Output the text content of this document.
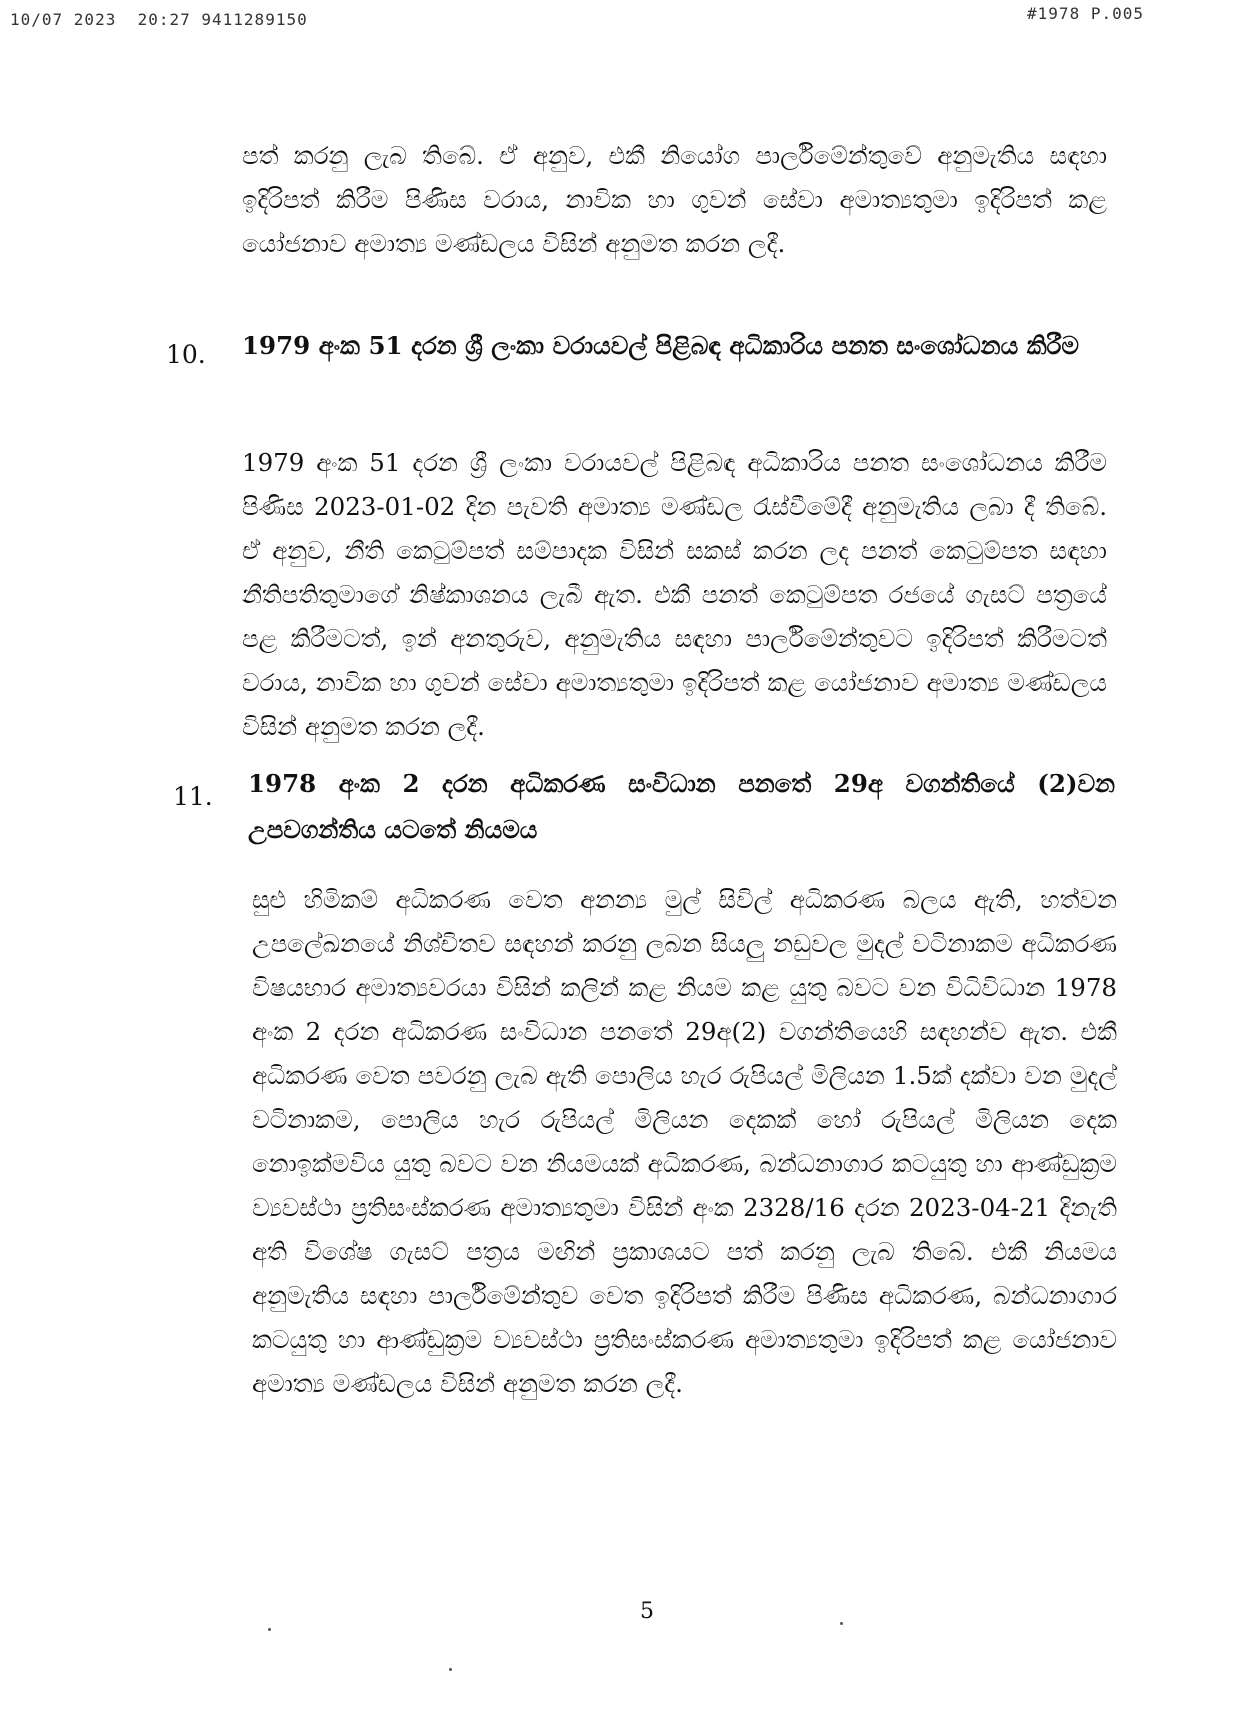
10/07 2023  20:27 9411289150	#1978 P.005

පත් කරනු ලැබ තිබේ. ඒ අනුව, එකී නියෝග පාර්ලිමේන්තුවේ අනුමැතිය සඳහා ඉදිරිපත් කිරීම පිණිස වරාය, නාවික හා ගුවන් සේවා අමාත්‍යතුමා ඉදිරිපත් කළ යෝජනාව අමාත්‍ය මණ්ඩලය විසින් අනුමත කරන ලදී.

10. 1979 අංක 51 දරන ශ්‍රී ලංකා වරායවල් පිළිබඳ අධිකාරිය පනත සංශෝධනය කිරීම

1979 අංක 51 දරන ශ්‍රී ලංකා වරායවල් පිළිබඳ අධිකාරිය පනත සංශෝධනය කිරීම පිණිස 2023-01-02 දින පැවති අමාත්‍ය මණ්ඩල රැස්වීමේදී අනුමැතිය ලබා දී තිබේ. ඒ අනුව, නීති කෙටුම්පත් සම්පාදක විසින් සකස් කරන ලද පනත් කෙටුම්පත සඳහා නීතිපතිතුමාගේ නිෂ්කාශනය ලැබී ඇත. එකී පනත් කෙටුම්පත රජයේ ගැසට් පත්‍රයේ පළ කිරීමටත්, ඉන් අනතුරුව, අනුමැතිය සඳහා පාර්ලිමේන්තුවට ඉදිරිපත් කිරීමටත් වරාය, නාවික හා ගුවන් සේවා අමාත්‍යතුමා ඉදිරිපත් කළ යෝජනාව අමාත්‍ය මණ්ඩලය විසින් අනුමත කරන ලදී.

11. 1978 අංක 2 දරන අධිකරණ සංවිධාන පනතේ 29අ වගන්තියේ (2)වන උපවගන්තිය යටතේ නියමය

සුළු හිමිකම් අධිකරණ වෙත අනන්‍ය මුල් සිවිල් අධිකරණ බලය ඇති, හත්වන උපලේඛනයේ නිශ්චිතව සඳහන් කරනු ලබන සියලු නඩුවල මුදල් වටිනාකම අධිකරණ විෂයභාර අමාත්‍යවරයා විසින් කලින් කළ නියම කළ යුතු බවට වන විධිවිධාන 1978 අංක 2 දරන අධිකරණ සංවිධාන පනතේ 29අ(2) වගන්තියෙහි සඳහන්ව ඇත. එකී අධිකරණ වෙත පවරනු ලැබ ඇති පොලිය හැර රුපියල් මිලියන 1.5ක් දක්වා වන මුදල් වටිනාකම, පොලිය හැර රුපියල් මිලියන දෙකක් හෝ රුපියල් මිලියන දෙක නොඉක්මවිය යුතු බවට වන නියමයක් අධිකරණ, බන්ධනාගාර කටයුතු හා ආණ්ඩුක්‍රම ව්‍යවස්ථා ප්‍රතිසංස්කරණ අමාත්‍යතුමා විසින් අංක 2328/16 දරන 2023-04-21 දිනැති අති විශේෂ ගැසට් පත්‍රය මඟින් ප්‍රකාශයට පත් කරනු ලැබ තිබේ. එකී නියමය අනුමැතිය සඳහා පාර්ලිමේන්තුව වෙත ඉදිරිපත් කිරීම පිණිස අධිකරණ, බන්ධනාගාර කටයුතු හා ආණ්ඩුක්‍රම ව්‍යවස්ථා ප්‍රතිසංස්කරණ අමාත්‍යතුමා ඉදිරිපත් කළ යෝජනාව අමාත්‍ය මණ්ඩලය විසින් අනුමත කරන ලදී.

5
